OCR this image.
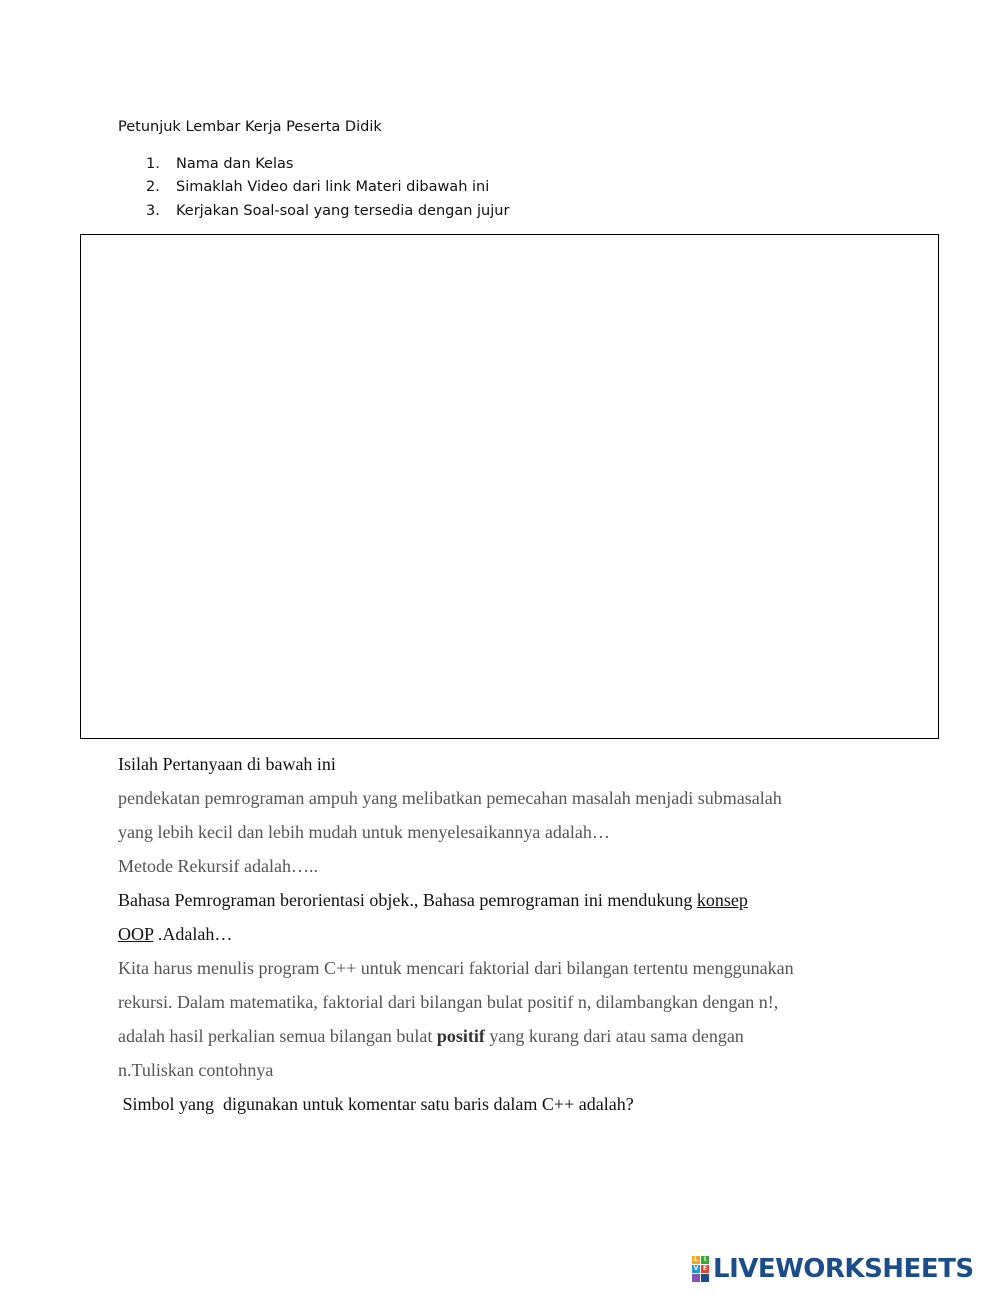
Petunjuk Lembar Kerja Peserta Didik
1. Nama dan Kelas
2. Simaklah Video dari link Materi dibawah ini
3. Kerjakan Soal-soal yang tersedia dengan jujur
Isilah Pertanyaan di bawah ini
pendekatan pemrograman ampuh yang melibatkan pemecahan masalah menjadi submasalah
yang lebih kecil dan lebih mudah untuk menyelesaikannya adalah…
Metode Rekursif adalah…..
Bahasa Pemrograman berorientasi objek., Bahasa pemrograman ini mendukung konsep
OOP .Adalah…
Kita harus menulis program C++ untuk mencari faktorial dari bilangan tertentu menggunakan
rekursi. Dalam matematika, faktorial dari bilangan bulat positif n, dilambangkan dengan n!,
adalah hasil perkalian semua bilangan bulat positif yang kurang dari atau sama dengan
n.Tuliskan contohnya
Simbol yang  digunakan untuk komentar satu baris dalam C++ adalah?
L I
V E LIVEWORKSHEETS
